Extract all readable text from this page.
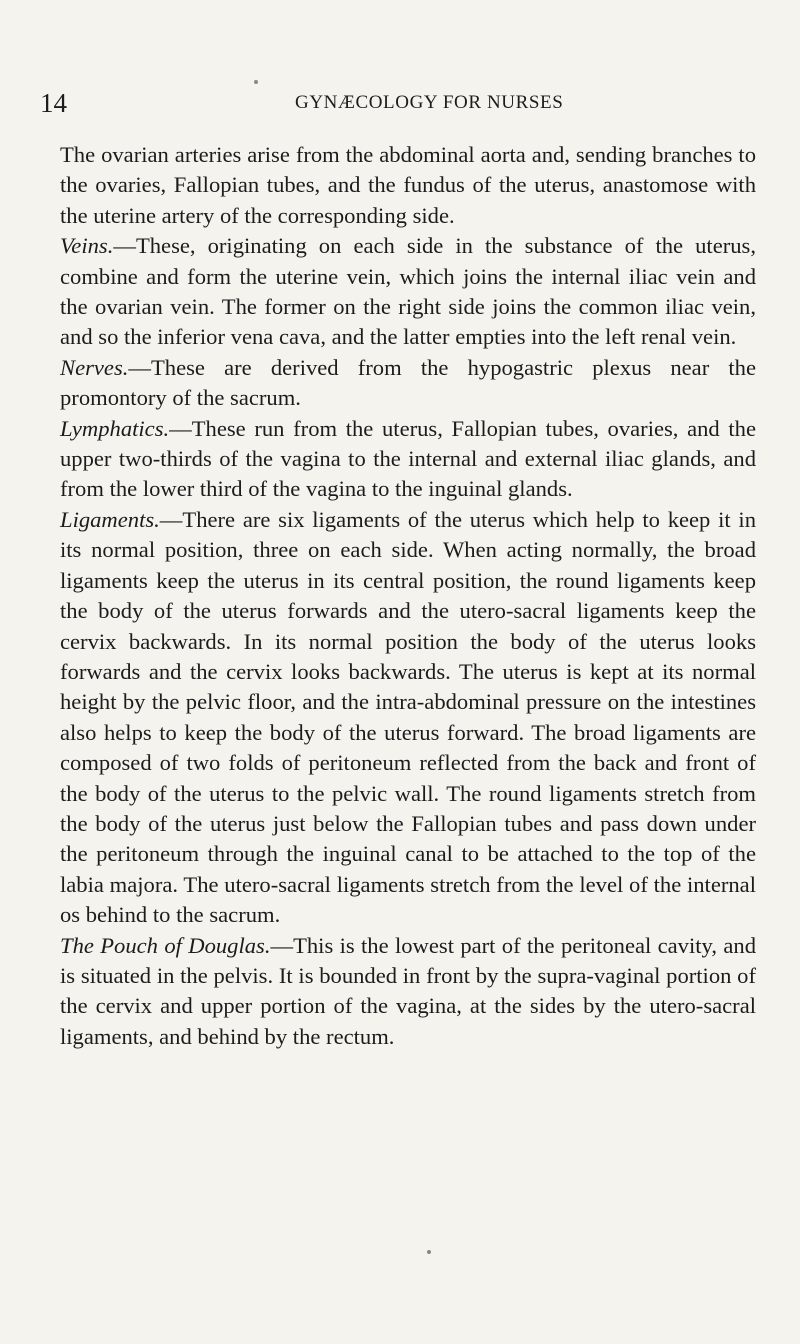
14	GYNÆCOLOGY FOR NURSES

The ovarian arteries arise from the abdominal aorta and, sending branches to the ovaries, Fallopian tubes, and the fundus of the uterus, anastomose with the uterine artery of the corresponding side.

Veins.—These, originating on each side in the substance of the uterus, combine and form the uterine vein, which joins the internal iliac vein and the ovarian vein. The former on the right side joins the common iliac vein, and so the inferior vena cava, and the latter empties into the left renal vein.

Nerves.—These are derived from the hypogastric plexus near the promontory of the sacrum.

Lymphatics.—These run from the uterus, Fallopian tubes, ovaries, and the upper two-thirds of the vagina to the internal and external iliac glands, and from the lower third of the vagina to the inguinal glands.

Ligaments.—There are six ligaments of the uterus which help to keep it in its normal position, three on each side. When acting normally, the broad ligaments keep the uterus in its central position, the round ligaments keep the body of the uterus forwards and the utero-sacral ligaments keep the cervix backwards. In its normal position the body of the uterus looks forwards and the cervix looks backwards. The uterus is kept at its normal height by the pelvic floor, and the intra-abdominal pressure on the intestines also helps to keep the body of the uterus forward. The broad ligaments are composed of two folds of peritoneum reflected from the back and front of the body of the uterus to the pelvic wall. The round ligaments stretch from the body of the uterus just below the Fallopian tubes and pass down under the peritoneum through the inguinal canal to be attached to the top of the labia majora. The utero-sacral ligaments stretch from the level of the internal os behind to the sacrum.

The Pouch of Douglas.—This is the lowest part of the peritoneal cavity, and is situated in the pelvis. It is bounded in front by the supra-vaginal portion of the cervix and upper portion of the vagina, at the sides by the utero-sacral ligaments, and behind by the rectum.
